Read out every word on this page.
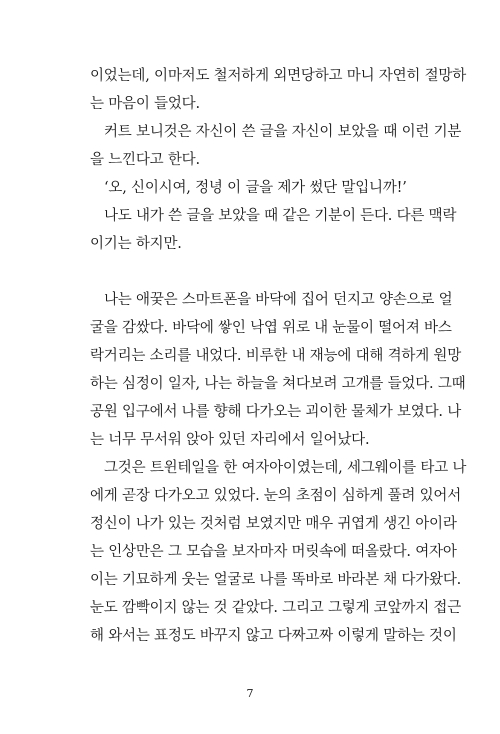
이었는데, 이마저도 철저하게 외면당하고 마니 자연히 절망하
는 마음이 들었다.
커트 보니것은 자신이 쓴 글을 자신이 보았을 때 이런 기분
을 느낀다고 한다.
‘오, 신이시여, 정녕 이 글을 제가 썼단 말입니까!’
나도 내가 쓴 글을 보았을 때 같은 기분이 든다. 다른 맥락
이기는 하지만.
나는 애꿎은 스마트폰을 바닥에 집어 던지고 양손으로 얼
굴을 감쌌다. 바닥에 쌓인 낙엽 위로 내 눈물이 떨어져 바스
락거리는 소리를 내었다. 비루한 내 재능에 대해 격하게 원망
하는 심정이 일자, 나는 하늘을 쳐다보려 고개를 들었다. 그때
공원 입구에서 나를 향해 다가오는 괴이한 물체가 보였다. 나
는 너무 무서워 앉아 있던 자리에서 일어났다.
그것은 트윈테일을 한 여자아이였는데, 세그웨이를 타고 나
에게 곧장 다가오고 있었다. 눈의 초점이 심하게 풀려 있어서
정신이 나가 있는 것처럼 보였지만 매우 귀엽게 생긴 아이라
는 인상만은 그 모습을 보자마자 머릿속에 떠올랐다. 여자아
이는 기묘하게 웃는 얼굴로 나를 똑바로 바라본 채 다가왔다.
눈도 깜빡이지 않는 것 같았다. 그리고 그렇게 코앞까지 접근
해 와서는 표정도 바꾸지 않고 다짜고짜 이렇게 말하는 것이
7
